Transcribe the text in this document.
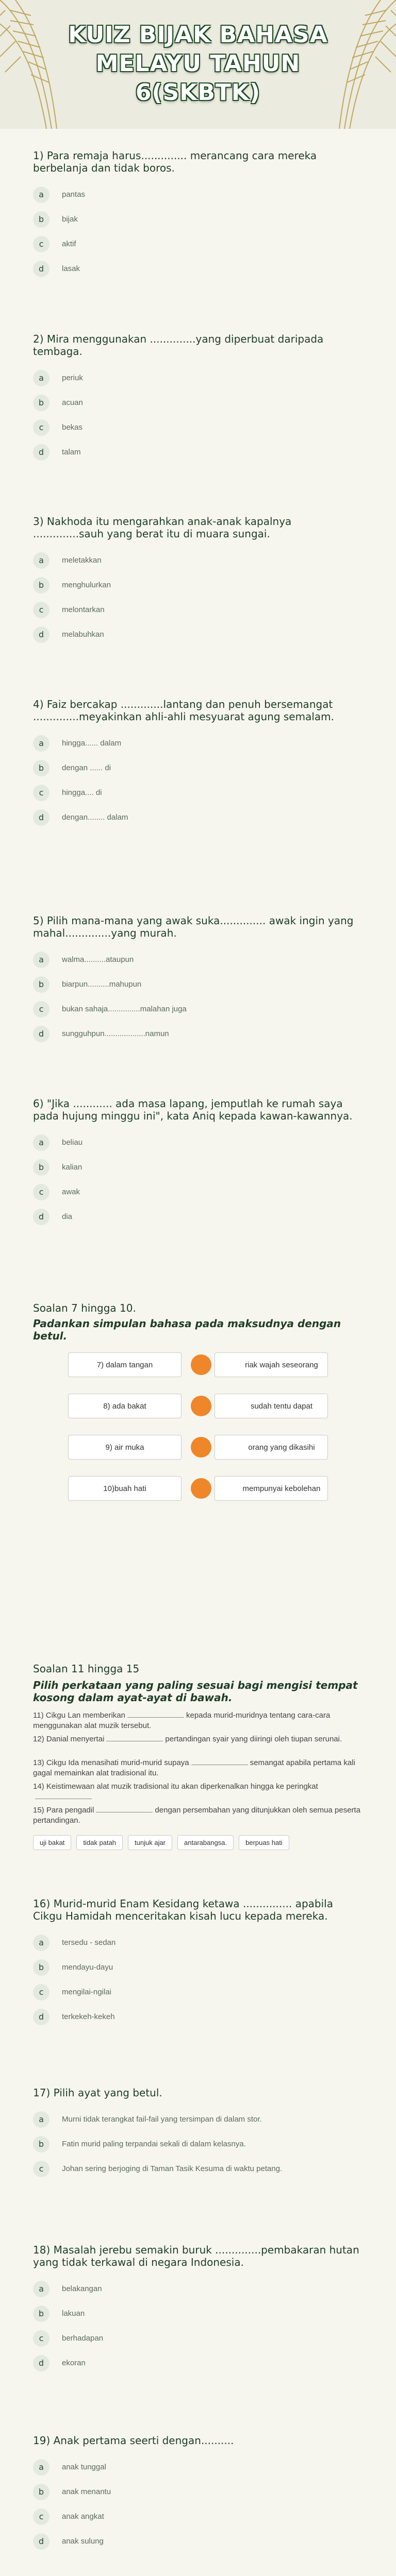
KUIZ BIJAK BAHASA
MELAYU TAHUN
6(SKBTK)
1) Para remaja harus.............. merancang cara mereka berbelanja dan tidak boros.
a	pantas
b	bijak
c	aktif
d	lasak
2) Mira menggunakan ..............yang diperbuat daripada tembaga.
a	periuk
b	acuan
c	bekas
d	talam
3) Nakhoda itu mengarahkan anak-anak kapalnya ..............sauh yang berat itu di muara sungai.
a	meletakkan
b	menghulurkan
c	melontarkan
d	melabuhkan
4) Faiz bercakap .............lantang dan penuh bersemangat ..............meyakinkan ahli-ahli mesyuarat agung semalam.
a	hingga...... dalam
b	dengan ...... di
c	hingga.... di
d	dengan........ dalam
5) Pilih mana-mana yang awak suka.............. awak ingin yang mahal..............yang murah.
a	walma..........ataupun
b	biarpun..........mahupun
c	bukan sahaja...............malahan juga
d	sungguhpun...................namun
6) "Jika ............ ada masa lapang, jemputlah ke rumah saya pada hujung minggu ini", kata Aniq kepada kawan-kawannya.
a	beliau
b	kalian
c	awak
d	dia
Soalan 7 hingga 10.
Padankan simpulan bahasa pada maksudnya dengan betul.
7) dalam tangan	riak wajah seseorang
8) ada bakat	sudah tentu dapat
9) air muka	orang yang dikasihi
10)buah hati	mempunyai kebolehan
Soalan 11 hingga 15
Pilih perkataan yang paling sesuai bagi mengisi tempat kosong dalam ayat-ayat di bawah.
11) Cikgu Lan memberikan	kepada murid-muridnya tentang cara-cara menggunakan alat muzik tersebut.
12) Danial menyertai	pertandingan syair yang diiringi oleh tiupan serunai.
13) Cikgu Ida menasihati murid-murid supaya	semangat apabila pertama kali gagal memainkan alat tradisional itu.
14) Keistimewaan alat muzik tradisional itu akan diperkenalkan hingga ke peringkat
15) Para pengadil	dengan persembahan yang ditunjukkan oleh semua peserta pertandingan.
uji bakat	tidak patah	tunjuk ajar	antarabangsa.	berpuas hati
16) Murid-murid Enam Kesidang ketawa ............... apabila Cikgu Hamidah menceritakan kisah lucu kepada mereka.
a	tersedu - sedan
b	mendayu-dayu
c	mengilai-ngilai
d	terkekeh-kekeh
17) Pilih ayat yang betul.
a	Murni tidak terangkat fail-fail yang tersimpan di dalam stor.
b	Fatin murid paling terpandai sekali di dalam kelasnya.
c	Johan sering berjoging di Taman Tasik Kesuma di waktu petang.
18) Masalah jerebu semakin buruk ..............pembakaran hutan yang tidak terkawal di negara Indonesia.
a	belakangan
b	lakuan
c	berhadapan
d	ekoran
19) Anak pertama seerti dengan..........
a	anak tunggal
b	anak menantu
c	anak angkat
d	anak sulung
